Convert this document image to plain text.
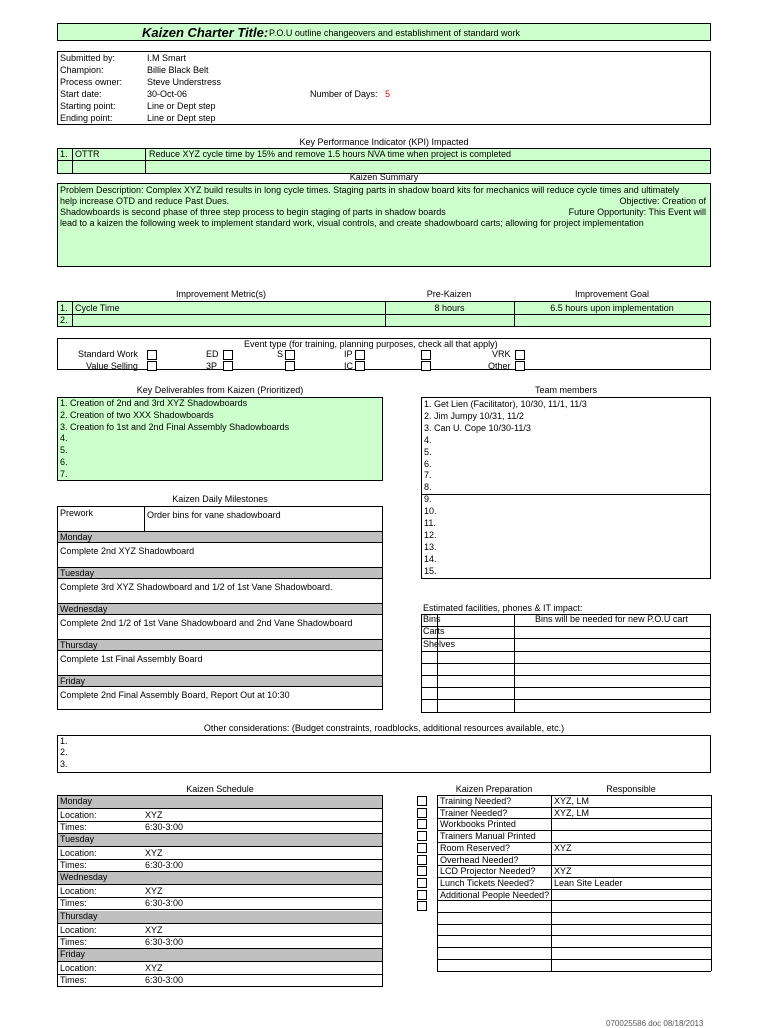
Kaizen Charter Title: P.O.U outline changeovers and establishment of standard work
Submitted by:	I.M Smart
Champion:	Billie Black Belt
Process owner:	Steve Understress
Start date:	30-Oct-06	Number of Days: 5
Starting point:	Line or Dept step
Ending point:	Line or Dept step
Key Performance Indicator (KPI) Impacted
1. OTTR	Reduce XYZ cycle time by 15% and remove 1.5 hours NVA time when project is completed
Kaizen Summary
Problem Description: Complex XYZ build results in long cycle times. Staging parts in shadow board kits for mechanics will reduce cycle times and ultimately
help increase OTD and reduce Past Dues.	Objective: Creation of
Shadowboards is second phase of three step process to begin staging of parts in shadow boards	Future Opportunity: This Event will
lead to a kaizen the following week to implement standard work, visual controls, and create shadowboard carts; allowing for project implementation
Improvement Metric(s)	Pre-Kaizen	Improvement Goal
1. Cycle Time	8 hours	6.5 hours upon implementation
2.
Event type (for training, planning purposes, check all that apply)
Standard Work
Value Selling
ED
3P
S	IP
IC
VRK
Other
Key Deliverables from Kaizen (Prioritized)
1. Creation of 2nd and 3rd XYZ Shadowboards
2. Creation of two XXX Shadowboards
3. Creation fo 1st and 2nd Final Assembly Shadowboards
4.
5.
6.
7.
Team members
1. Get Lien (Facilitator), 10/30, 11/1, 11/3
2. Jim Jumpy 10/31, 11/2
3. Can U. Cope 10/30-11/3
4.
5.
6.
7.
8.
9.
10.
11.
12.
13.
14.
15.
Kaizen Daily Milestones
Prework	Order bins for vane shadowboard
Monday
Complete 2nd XYZ Shadowboard
Tuesday
Complete 3rd XYZ Shadowboard and 1/2 of 1st Vane Shadowboard.
Wednesday
Complete 2nd 1/2 of 1st Vane Shadowboard and 2nd Vane Shadowboard
Thursday
Complete 1st Final Assembly Board
Friday
Complete 2nd Final Assembly Board, Report Out at 10:30
Estimated facilities, phones & IT impact:
Bins	Bins will be needed for new P.O.U cart
Carts
Shelves
Other considerations: (Budget constraints, roadblocks, additional resources available, etc.)
1.
2.
3.
Kaizen Schedule
Monday
Location:	XYZ
Times:	6:30-3:00
Tuesday
Location:	XYZ
Times:	6:30-3:00
Wednesday
Location:	XYZ
Times:	6:30-3:00
Thursday
Location:	XYZ
Times:	6:30-3:00
Friday
Location:	XYZ
Times:	6:30-3:00
Kaizen Preparation	Responsible
Training Needed?	XYZ, LM
Trainer Needed?	XYZ, LM
Workbooks Printed
Trainers Manual Printed
Room Reserved?	XYZ
Overhead Needed?
LCD Projector Needed? XYZ
Lunch Tickets Needed? Lean Site Leader
Additional People Needed?
070025586 doc 08/18/2013
